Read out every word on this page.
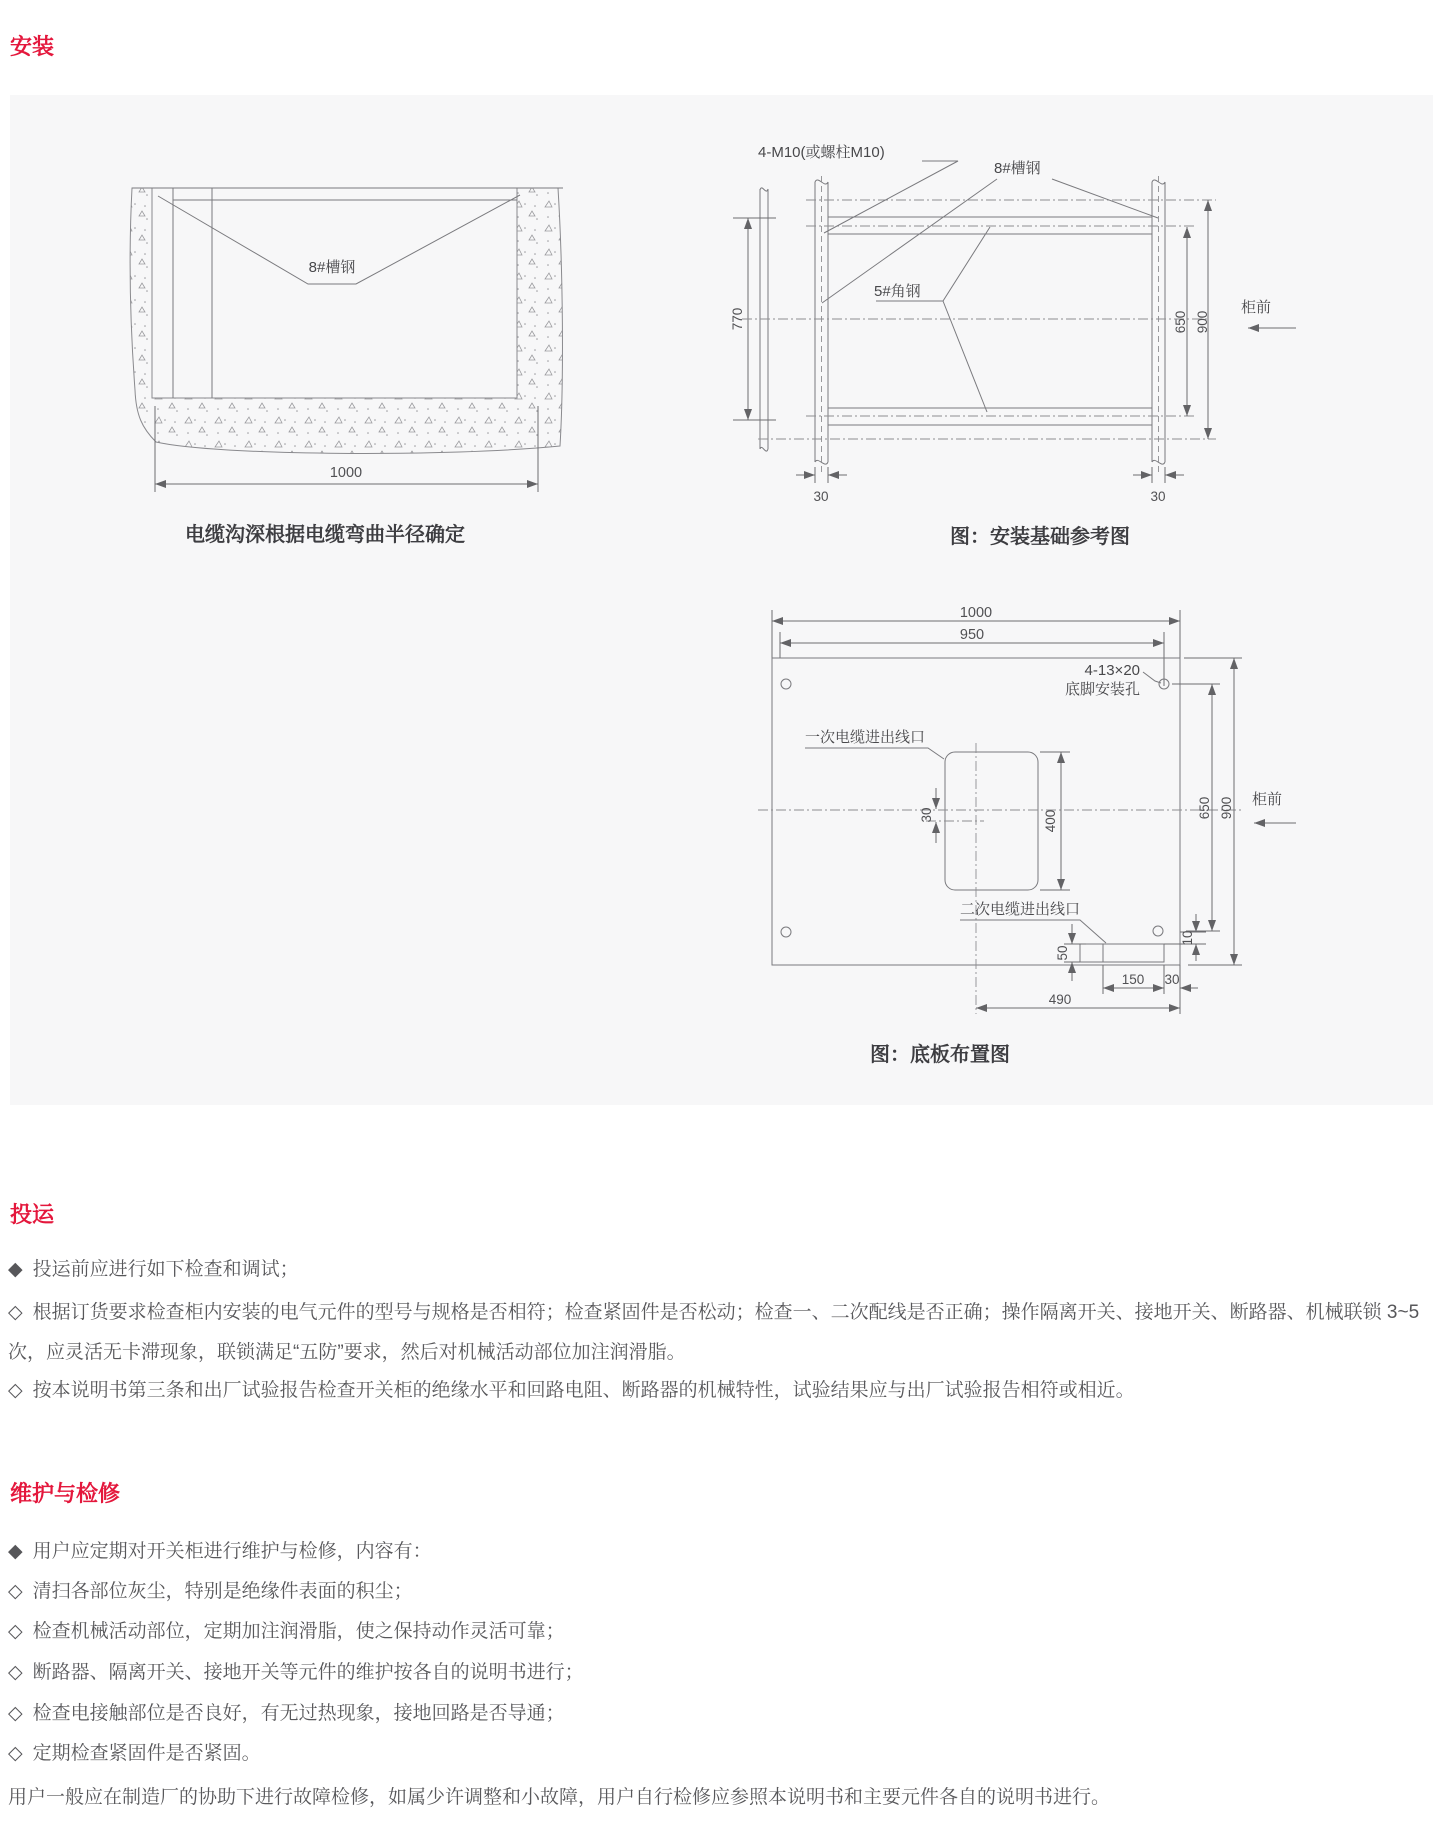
安装
8#槽钢
1000
电缆沟深根据电缆弯曲半径确定
770
4-M10(或螺柱M10)
8#槽钢
5#角钢
650 900
柜前
30	30
图：安装基础参考图
1000
950
4-13×20
底脚安装孔
一次电缆进出线口
30	400
二次电缆进出线口
50
10
150 30
490
650 900 柜前
图：底板布置图
投运
◆ 投运前应进行如下检查和调试；
◇ 根据订货要求检查柜内安装的电气元件的型号与规格是否相符；检查紧固件是否松动；检查一、二次配线是否正确；操作隔离开关、接地开关、断路器、机械联锁 3~5 次，应灵活无卡滞现象，联锁满足“五防”要求，然后对机械活动部位加注润滑脂。
◇ 按本说明书第三条和出厂试验报告检查开关柜的绝缘水平和回路电阻、断路器的机械特性，试验结果应与出厂试验报告相符或相近。
维护与检修
◆ 用户应定期对开关柜进行维护与检修，内容有：
◇ 清扫各部位灰尘，特别是绝缘件表面的积尘；
◇ 检查机械活动部位，定期加注润滑脂，使之保持动作灵活可靠；
◇ 断路器、隔离开关、接地开关等元件的维护按各自的说明书进行；
◇ 检查电接触部位是否良好，有无过热现象，接地回路是否导通；
◇ 定期检查紧固件是否紧固。
用户一般应在制造厂的协助下进行故障检修，如属少许调整和小故障，用户自行检修应参照本说明书和主要元件各自的说明书进行。
